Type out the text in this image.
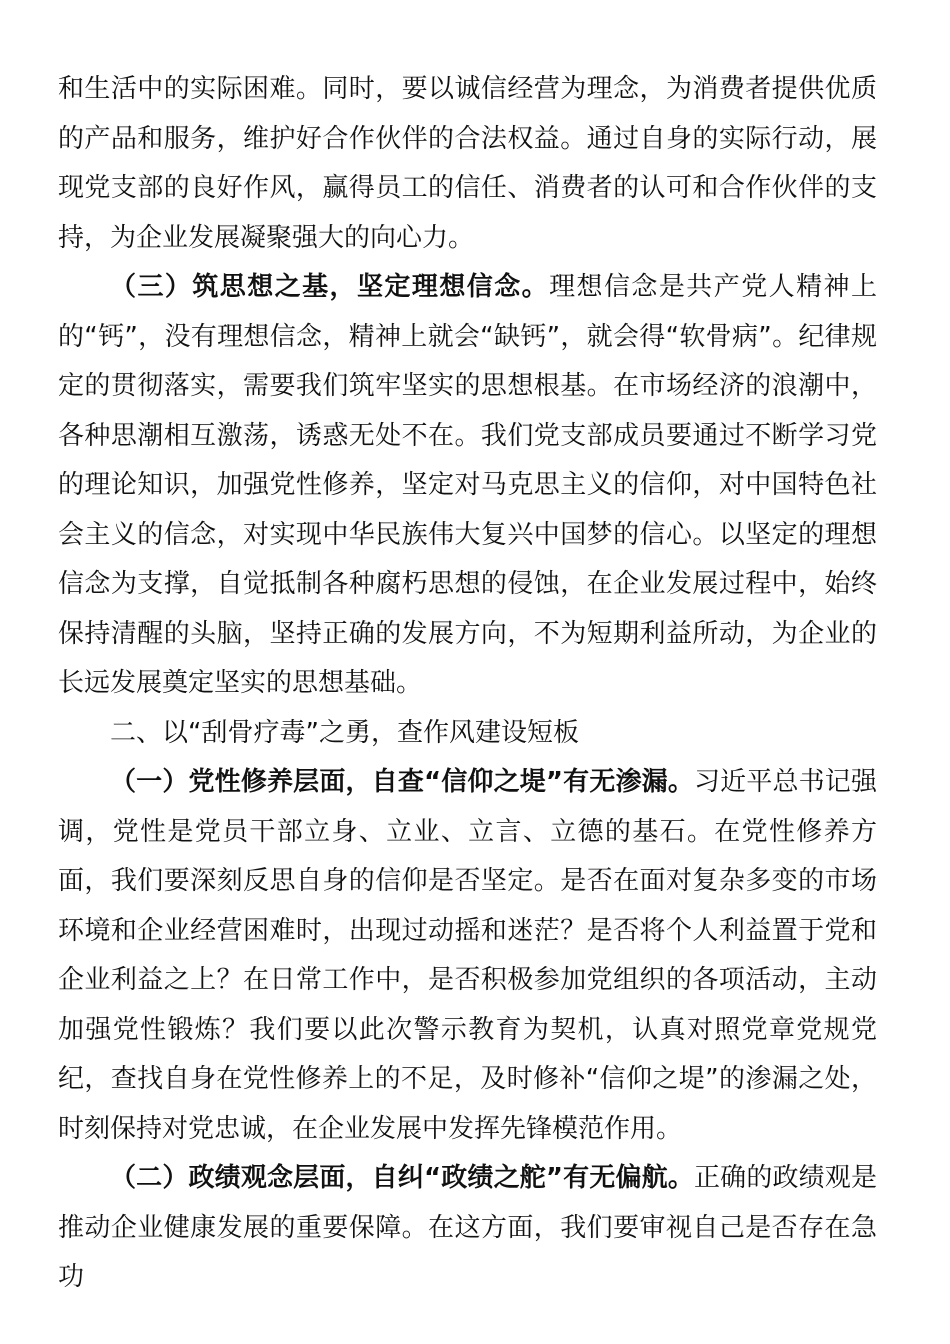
和生活中的实际困难。同时，要以诚信经营为理念，为消费者提供优质的产品和服务，维护好合作伙伴的合法权益。通过自身的实际行动，展现党支部的良好作风，赢得员工的信任、消费者的认可和合作伙伴的支持，为企业发展凝聚强大的向心力。

（三）筑思想之基，坚定理想信念。理想信念是共产党人精神上的“钙”，没有理想信念，精神上就会“缺钙”，就会得“软骨病”。纪律规定的贯彻落实，需要我们筑牢坚实的思想根基。在市场经济的浪潮中，各种思潮相互激荡，诱惑无处不在。我们党支部成员要通过不断学习党的理论知识，加强党性修养，坚定对马克思主义的信仰，对中国特色社会主义的信念，对实现中华民族伟大复兴中国梦的信心。以坚定的理想信念为支撑，自觉抵制各种腐朽思想的侵蚀，在企业发展过程中，始终保持清醒的头脑，坚持正确的发展方向，不为短期利益所动，为企业的长远发展奠定坚实的思想基础。

二、以“刮骨疗毒”之勇，查作风建设短板

（一）党性修养层面，自查“信仰之堤”有无渗漏。习近平总书记强调，党性是党员干部立身、立业、立言、立德的基石。在党性修养方面，我们要深刻反思自身的信仰是否坚定。是否在面对复杂多变的市场环境和企业经营困难时，出现过动摇和迷茫？是否将个人利益置于党和企业利益之上？在日常工作中，是否积极参加党组织的各项活动，主动加强党性锻炼？我们要以此次警示教育为契机，认真对照党章党规党纪，查找自身在党性修养上的不足，及时修补“信仰之堤”的渗漏之处，时刻保持对党忠诚，在企业发展中发挥先锋模范作用。

（二）政绩观念层面，自纠“政绩之舵”有无偏航。正确的政绩观是推动企业健康发展的重要保障。在这方面，我们要审视自己是否存在急功
